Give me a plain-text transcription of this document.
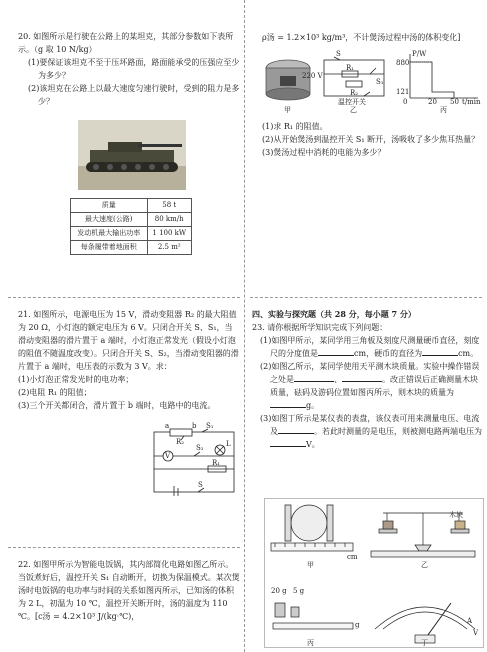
20. 如图所示是行驶在公路上的某坦克，其部分参数如下表所示。（g 取 10 N/kg）
(1)要保证该坦克不至于压坏路面，路面能承受的压强应至少为多少？
(2)该坦克在公路上以最大速度匀速行驶时，受到的阻力是多少？
质量	58 t
最大速度(公路)	80 km/h
发动机最大输出功率	1 100 kW
每条履带着地面积	2.5 m²
21. 如图所示，电源电压为 15 V，滑动变阻器 R₂ 的最大阻值为 20 Ω，小灯泡的额定电压为 6 V。只闭合开关 S、S₁，当滑动变阻器的滑片置于 a 端时，小灯泡正常发光（假设小灯泡的阻值不随温度改变）。只闭合开关 S、S₂，当滑动变阻器的滑片置于 a 端时，电压表的示数为 3 V。求：
(1)小灯泡正常发光时的电功率；
(2)电阻 R₁ 的阻值；
(3)三个开关都闭合，滑片置于 b 端时，电路中的电流。
a	b
R₂
S₁
S₂	L
V
R₁
S
22. 如图甲所示为智能电饭锅，其内部简化电路如图乙所示。当饭煮好后，温控开关 S₁ 自动断开，切换为保温模式。某次煲汤时电饭锅的电功率与时间的关系如图丙所示，已知汤的体积为 2 L，初温为 10 ℃，温控开关断开时，汤的温度为 110 ℃。[c汤 = 4.2×10³ J/(kg·℃)，
ρ汤 = 1.2×10³ kg/m³，不计煲汤过程中汤的体积变化]
甲
S
220 V
R₁
R₂
S₁
温控开关
乙
P/W
880
121
0	20 50 t/min
丙
(1)求 R₁ 的阻值。
(2)从开始煲汤到温控开关 S₁ 断开，汤吸收了多少焦耳热量？
(3)煲汤过程中消耗的电能为多少？
四、实验与探究题（共 28 分，每小题 7 分）
23. 请你根据所学知识完成下列问题：
(1)如图甲所示，某同学用三角板及刻度尺测量硬币直径，刻度尺的分度值是	cm，硬币的直径为	cm。
(2)如图乙所示，某同学使用天平测木块质量。实验中操作错误之处是	、	。改正错误后正确测量木块质量，砝码及游码位置如图丙所示，则木块的质量为g。
(3)如图丁所示是某仪表的表盘，该仪表可用来测量电压、电流及	。若此时测量的是电压，则被测电路两端电压为V。
甲
cm
乙
木块
20 g 5 g
g
丙
A
V
丁
